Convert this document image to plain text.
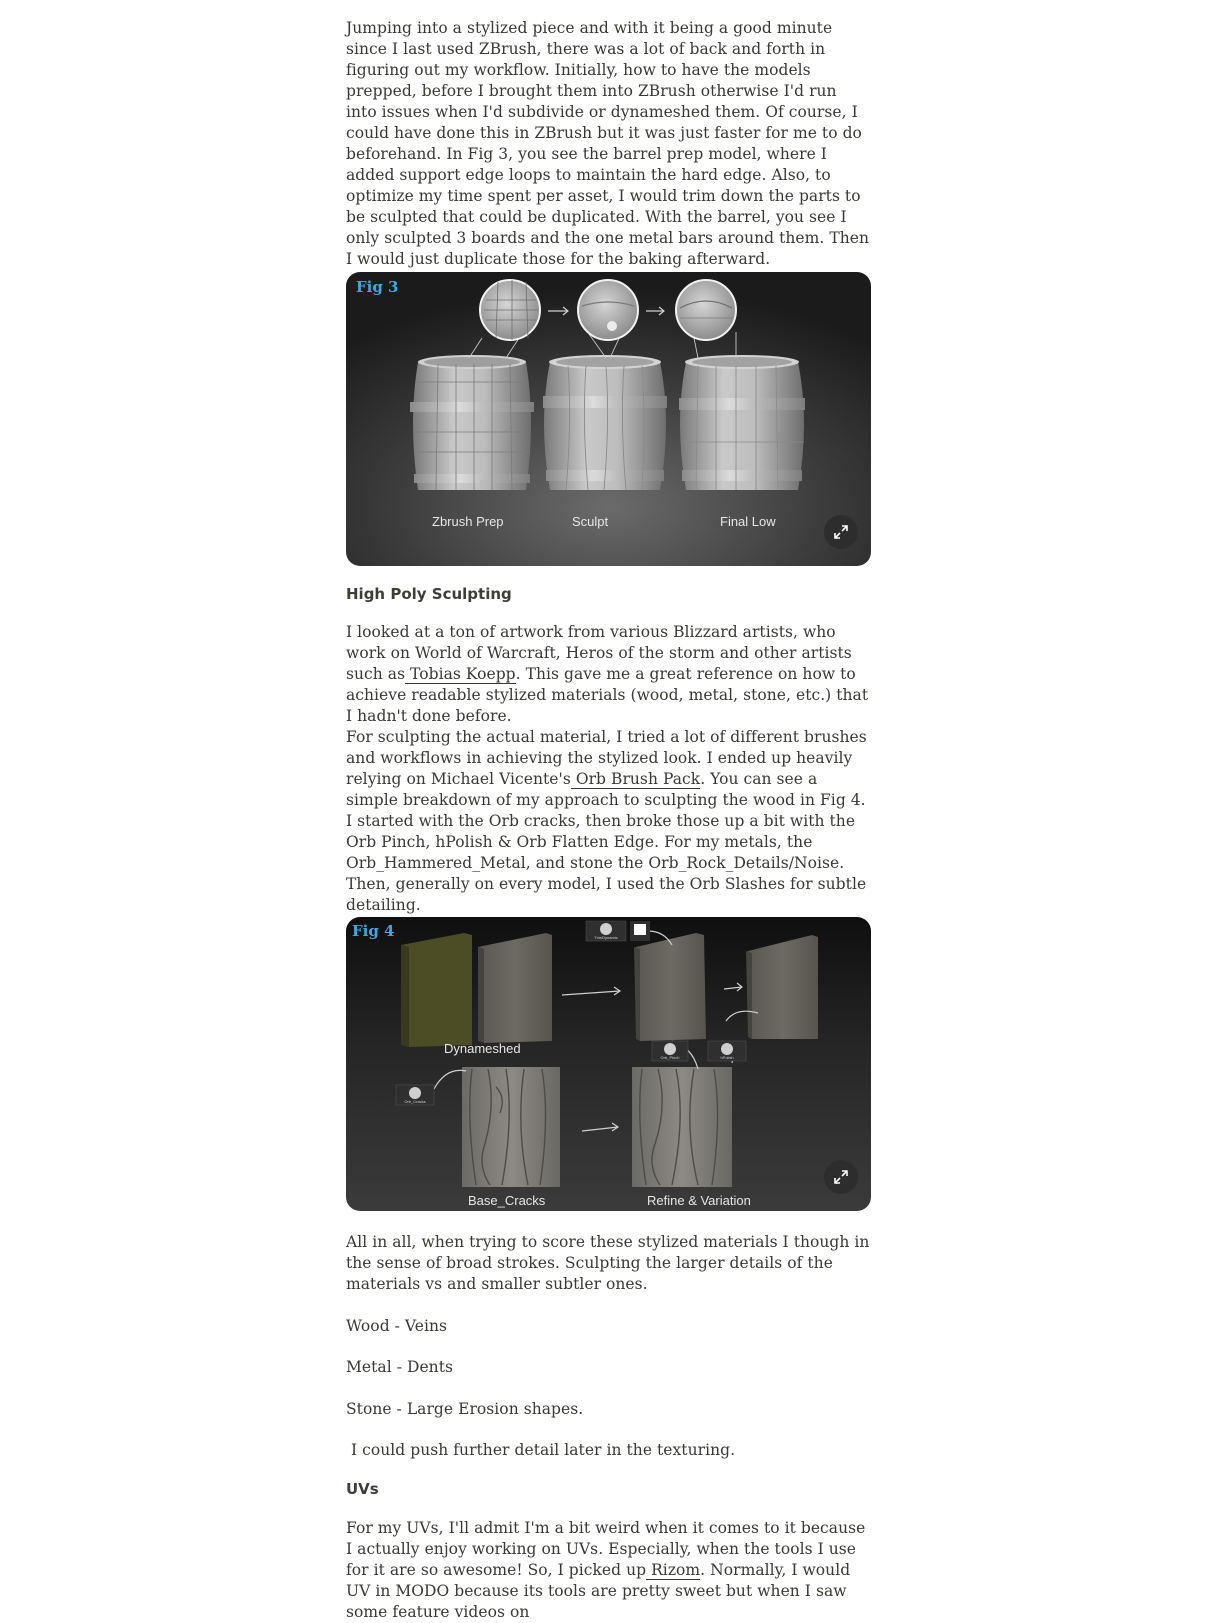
Jumping into a stylized piece and with it being a good minute since I last used ZBrush, there was a lot of back and forth in figuring out my workflow. Initially, how to have the models prepped, before I brought them into ZBrush otherwise I'd run into issues when I'd subdivide or dynameshed them. Of course, I could have done this in ZBrush but it was just faster for me to do beforehand. In Fig 3, you see the barrel prep model, where I added support edge loops to maintain the hard edge. Also, to optimize my time spent per asset, I would trim down the parts to be sculpted that could be duplicated. With the barrel, you see I only sculpted 3 boards and the one metal bars around them. Then I would just duplicate those for the baking afterward.

Fig 3
Zbrush Prep	Sculpt	Final Low
High Poly Sculpting

I looked at a ton of artwork from various Blizzard artists, who work on World of Warcraft, Heros of the storm and other artists such as Tobias Koepp. This gave me a great reference on how to achieve readable stylized materials (wood, metal, stone, etc.) that I hadn't done before.

For sculpting the actual material, I tried a lot of different brushes and workflows in achieving the stylized look. I ended up heavily relying on Michael Vicente's Orb Brush Pack. You can see a simple breakdown of my approach to sculpting the wood in Fig 4. I started with the Orb cracks, then broke those up a bit with the Orb Pinch, hPolish & Orb Flatten Edge. For my metals, the Orb_Hammered_Metal, and stone the Orb_Rock_Details/Noise. Then, generally on every model, I used the Orb Slashes for subtle detailing.

TrimDynamic
Orb_Cracks
Orb_Pinch	hPolish
Fig 4
Dynameshed
Base_Cracks	Refine & Variation

All in all, when trying to score these stylized materials I though in the sense of broad strokes. Sculpting the larger details of the materials vs and smaller subtler ones.

Wood - Veins

Metal - Dents

Stone - Large Erosion shapes.

I could push further detail later in the texturing.

UVs

For my UVs, I'll admit I'm a bit weird when it comes to it because I actually enjoy working on UVs. Especially, when the tools I use for it are so awesome! So, I picked up Rizom. Normally, I would UV in MODO because its tools are pretty sweet but when I saw some feature videos on
